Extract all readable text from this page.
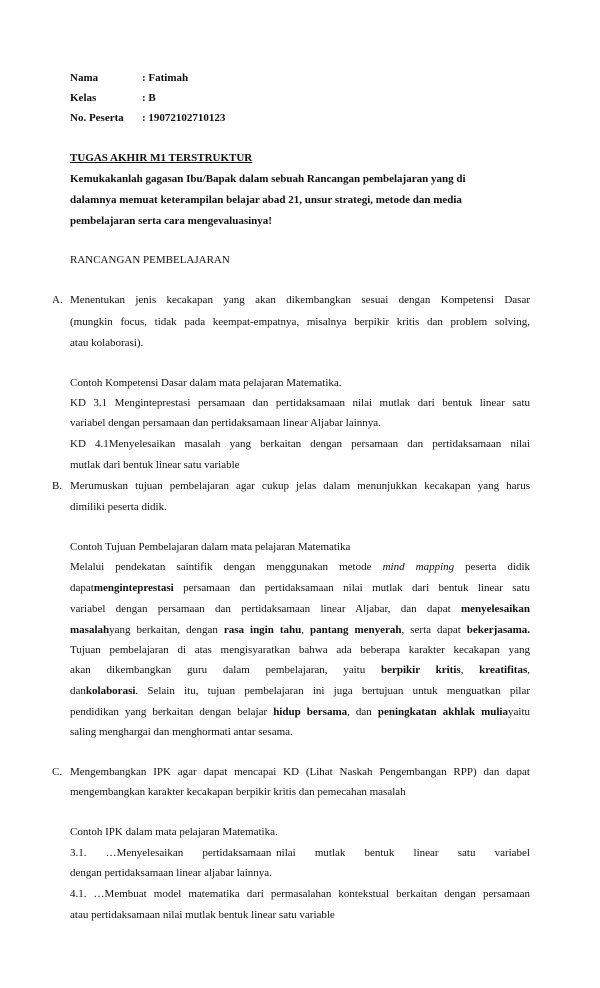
Nama	: Fatimah
Kelas	: B
No. Peserta : 19072102710123
TUGAS AKHIR M1 TERSTRUKTUR
Kemukakanlah gagasan Ibu/Bapak dalam sebuah Rancangan pembelajaran yang di
dalamnya memuat keterampilan belajar abad 21, unsur strategi, metode dan media
pembelajaran serta cara mengevaluasinya!
RANCANGAN PEMBELAJARAN
A. Menentukan jenis kecakapan yang akan dikembangkan sesuai dengan Kompetensi Dasar
(mungkin focus, tidak pada keempat-empatnya, misalnya berpikir kritis dan problem solving,
atau kolaborasi).
Contoh Kompetensi Dasar dalam mata pelajaran Matematika.
KD 3.1 Menginteprestasi persamaan dan pertidaksamaan nilai mutlak dari bentuk linear satu
variabel dengan persamaan dan pertidaksamaan linear Aljabar lainnya.
KD 4.1Menyelesaikan masalah yang berkaitan dengan persamaan dan pertidaksamaan nilai
mutlak dari bentuk linear satu variable
B. Merumuskan tujuan pembelajaran agar cukup jelas dalam menunjukkan kecakapan yang harus
dimiliki peserta didik.
Contoh Tujuan Pembelajaran dalam mata pelajaran Matematika
Melalui pendekatan saintifik dengan menggunakan metode mind mapping peserta didik
dapatmenginteprestasi persamaan dan pertidaksamaan nilai mutlak dari bentuk linear satu
variabel dengan persamaan dan pertidaksamaan linear Aljabar, dan dapat menyelesaikan
masalahyang berkaitan, dengan rasa ingin tahu, pantang menyerah, serta dapat bekerjasama.
Tujuan pembelajaran di atas mengisyaratkan bahwa ada beberapa karakter kecakapan yang
akan dikembangkan guru dalam pembelajaran, yaitu berpikir kritis, kreatifitas,
dankolaborasi. Selain itu, tujuan pembelajaran ini juga bertujuan untuk menguatkan pilar
pendidikan yang berkaitan dengan belajar hidup bersama, dan peningkatan akhlak muliayaitu
saling menghargai dan menghormati antar sesama.
C. Mengembangkan IPK agar dapat mencapai KD (Lihat Naskah Pengembangan RPP) dan dapat
mengembangkan karakter kecakapan berpikir kritis dan pemecahan masalah
Contoh IPK dalam mata pelajaran Matematika.
3.1.    …Menyelesaikan    pertidaksamaan nilai    mutlak    bentuk    linear    satu    variabel
dengan pertidaksamaan linear aljabar lainnya.
4.1. …Membuat model matematika dari permasalahan kontekstual berkaitan dengan persamaan
atau pertidaksamaan nilai mutlak bentuk linear satu variable
